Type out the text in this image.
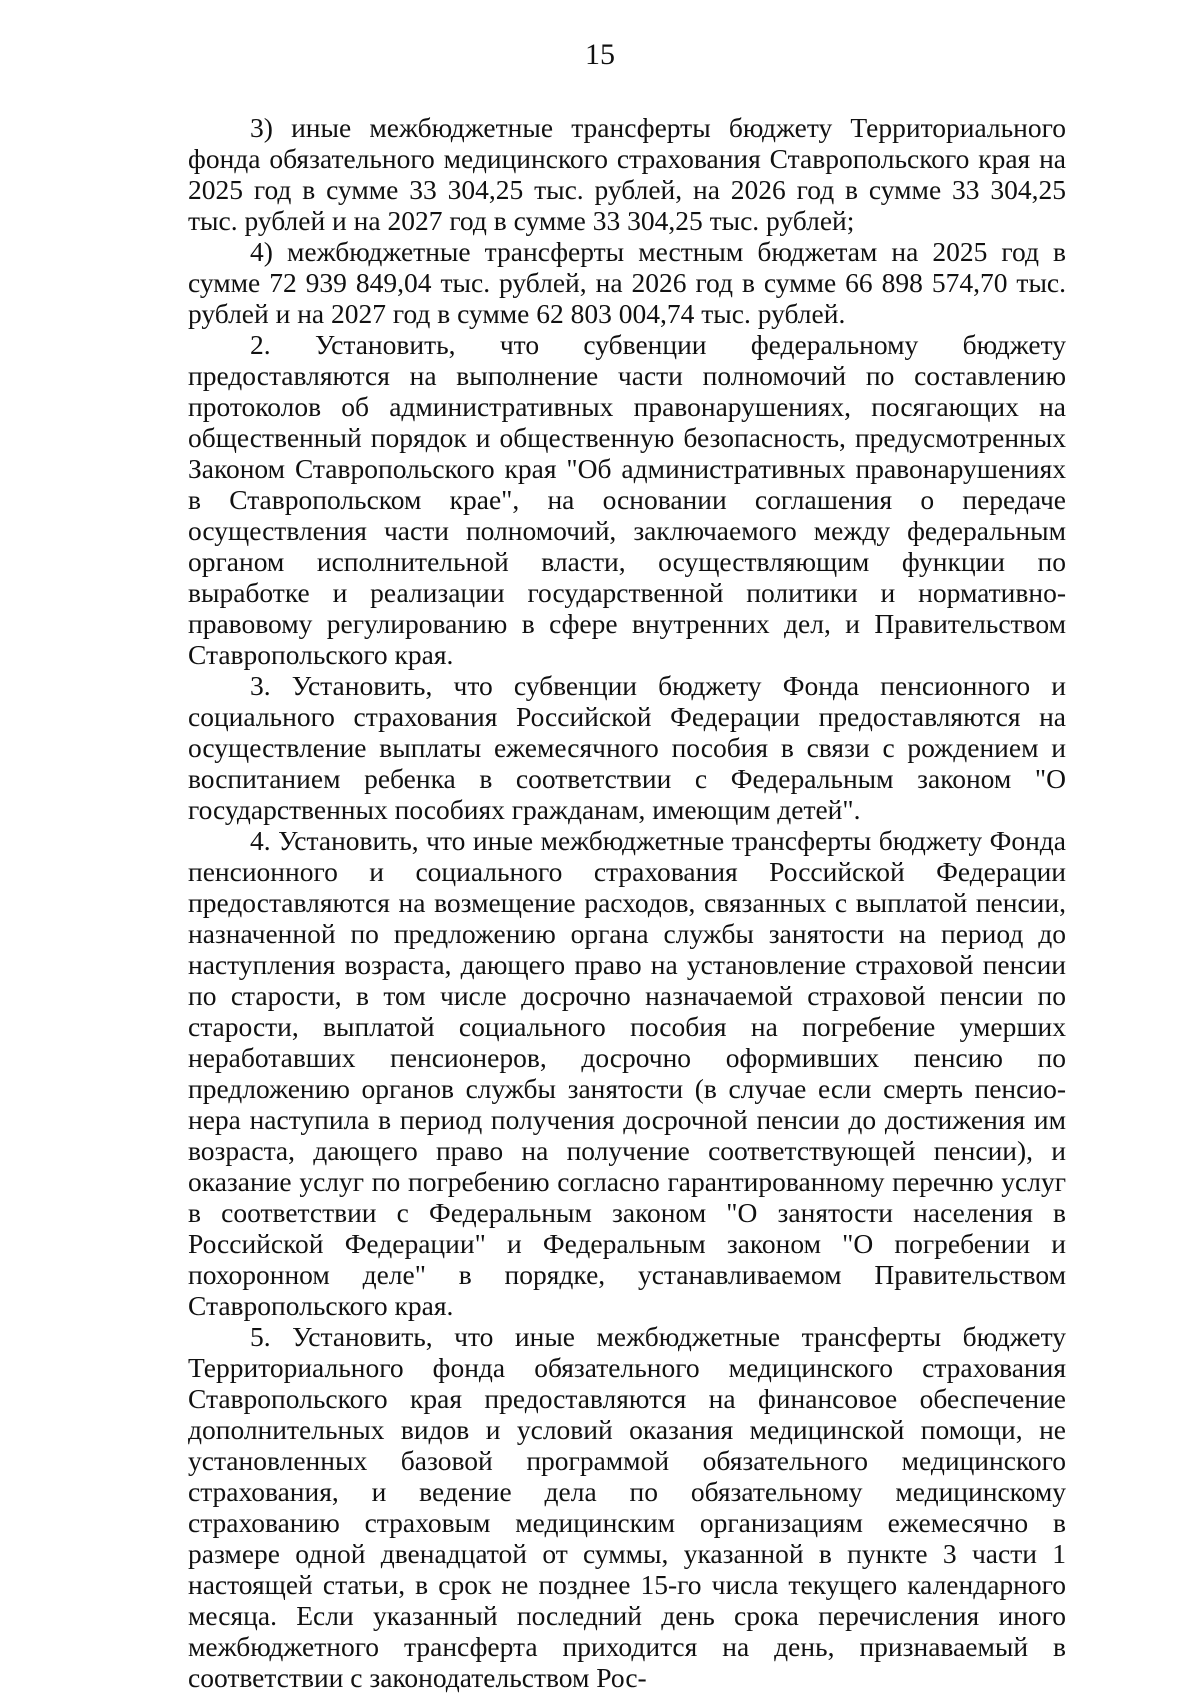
15

3) иные межбюджетные трансферты бюджету Территориального фонда обязательного медицинского страхования Ставропольского края на 2025 год в сумме 33 304,25 тыс. рублей, на 2026 год в сумме 33 304,25 тыс. рублей и на 2027 год в сумме 33 304,25 тыс. рублей;

4) межбюджетные трансферты местным бюджетам на 2025 год в сумме 72 939 849,04 тыс. рублей, на 2026 год в сумме 66 898 574,70 тыс. рублей и на 2027 год в сумме 62 803 004,74 тыс. рублей.

2. Установить, что субвенции федеральному бюджету предоставляются на выполнение части полномочий по составлению протоколов об административных правонарушениях, посягающих на общественный порядок и общественную безопасность, предусмотренных Законом Ставропольского края "Об административных правонарушениях в Ставропольском крае", на основании соглашения о передаче осуществления части полномочий, заключаемого между федеральным органом исполнительной власти, осуществляющим функции по выработке и реализации государственной политики и нормативно-правовому регулированию в сфере внутренних дел, и Правительством Ставропольского края.

3. Установить, что субвенции бюджету Фонда пенсионного и социального страхования Российской Федерации предоставляются на осуществление выплаты ежемесячного пособия в связи с рождением и воспитанием ребенка в соответствии с Федеральным законом "О государственных пособиях гражданам, имеющим детей".

4. Установить, что иные межбюджетные трансферты бюджету Фонда пенсионного и социального страхования Российской Федерации предоставляются на возмещение расходов, связанных с выплатой пенсии, назначенной по предложению органа службы занятости на период до наступления возраста, дающего право на установление страховой пенсии по старости, в том числе досрочно назначаемой страховой пенсии по старости, выплатой социального пособия на погребение умерших неработавших пенсионеров, досрочно оформивших пенсию по предложению органов службы занятости (в случае если смерть пенсионера наступила в период получения досрочной пенсии до достижения им возраста, дающего право на получение соответствующей пенсии), и оказание услуг по погребению согласно гарантированному перечню услуг в соответствии с Федеральным законом "О занятости населения в Российской Федерации" и Федеральным законом "О погребении и похоронном деле" в порядке, устанавливаемом Правительством Ставропольского края.

5. Установить, что иные межбюджетные трансферты бюджету Территориального фонда обязательного медицинского страхования Ставропольского края предоставляются на финансовое обеспечение дополнительных видов и условий оказания медицинской помощи, не установленных базовой программой обязательного медицинского страхования, и ведение дела по обязательному медицинскому страхованию страховым медицинским организациям ежемесячно в размере одной двенадцатой от суммы, указанной в пункте 3 части 1 настоящей статьи, в срок не позднее 15-го числа текущего календарного месяца. Если указанный последний день срока перечисления иного межбюджетного трансферта приходится на день, признаваемый в соответствии с законодательством Рос-
